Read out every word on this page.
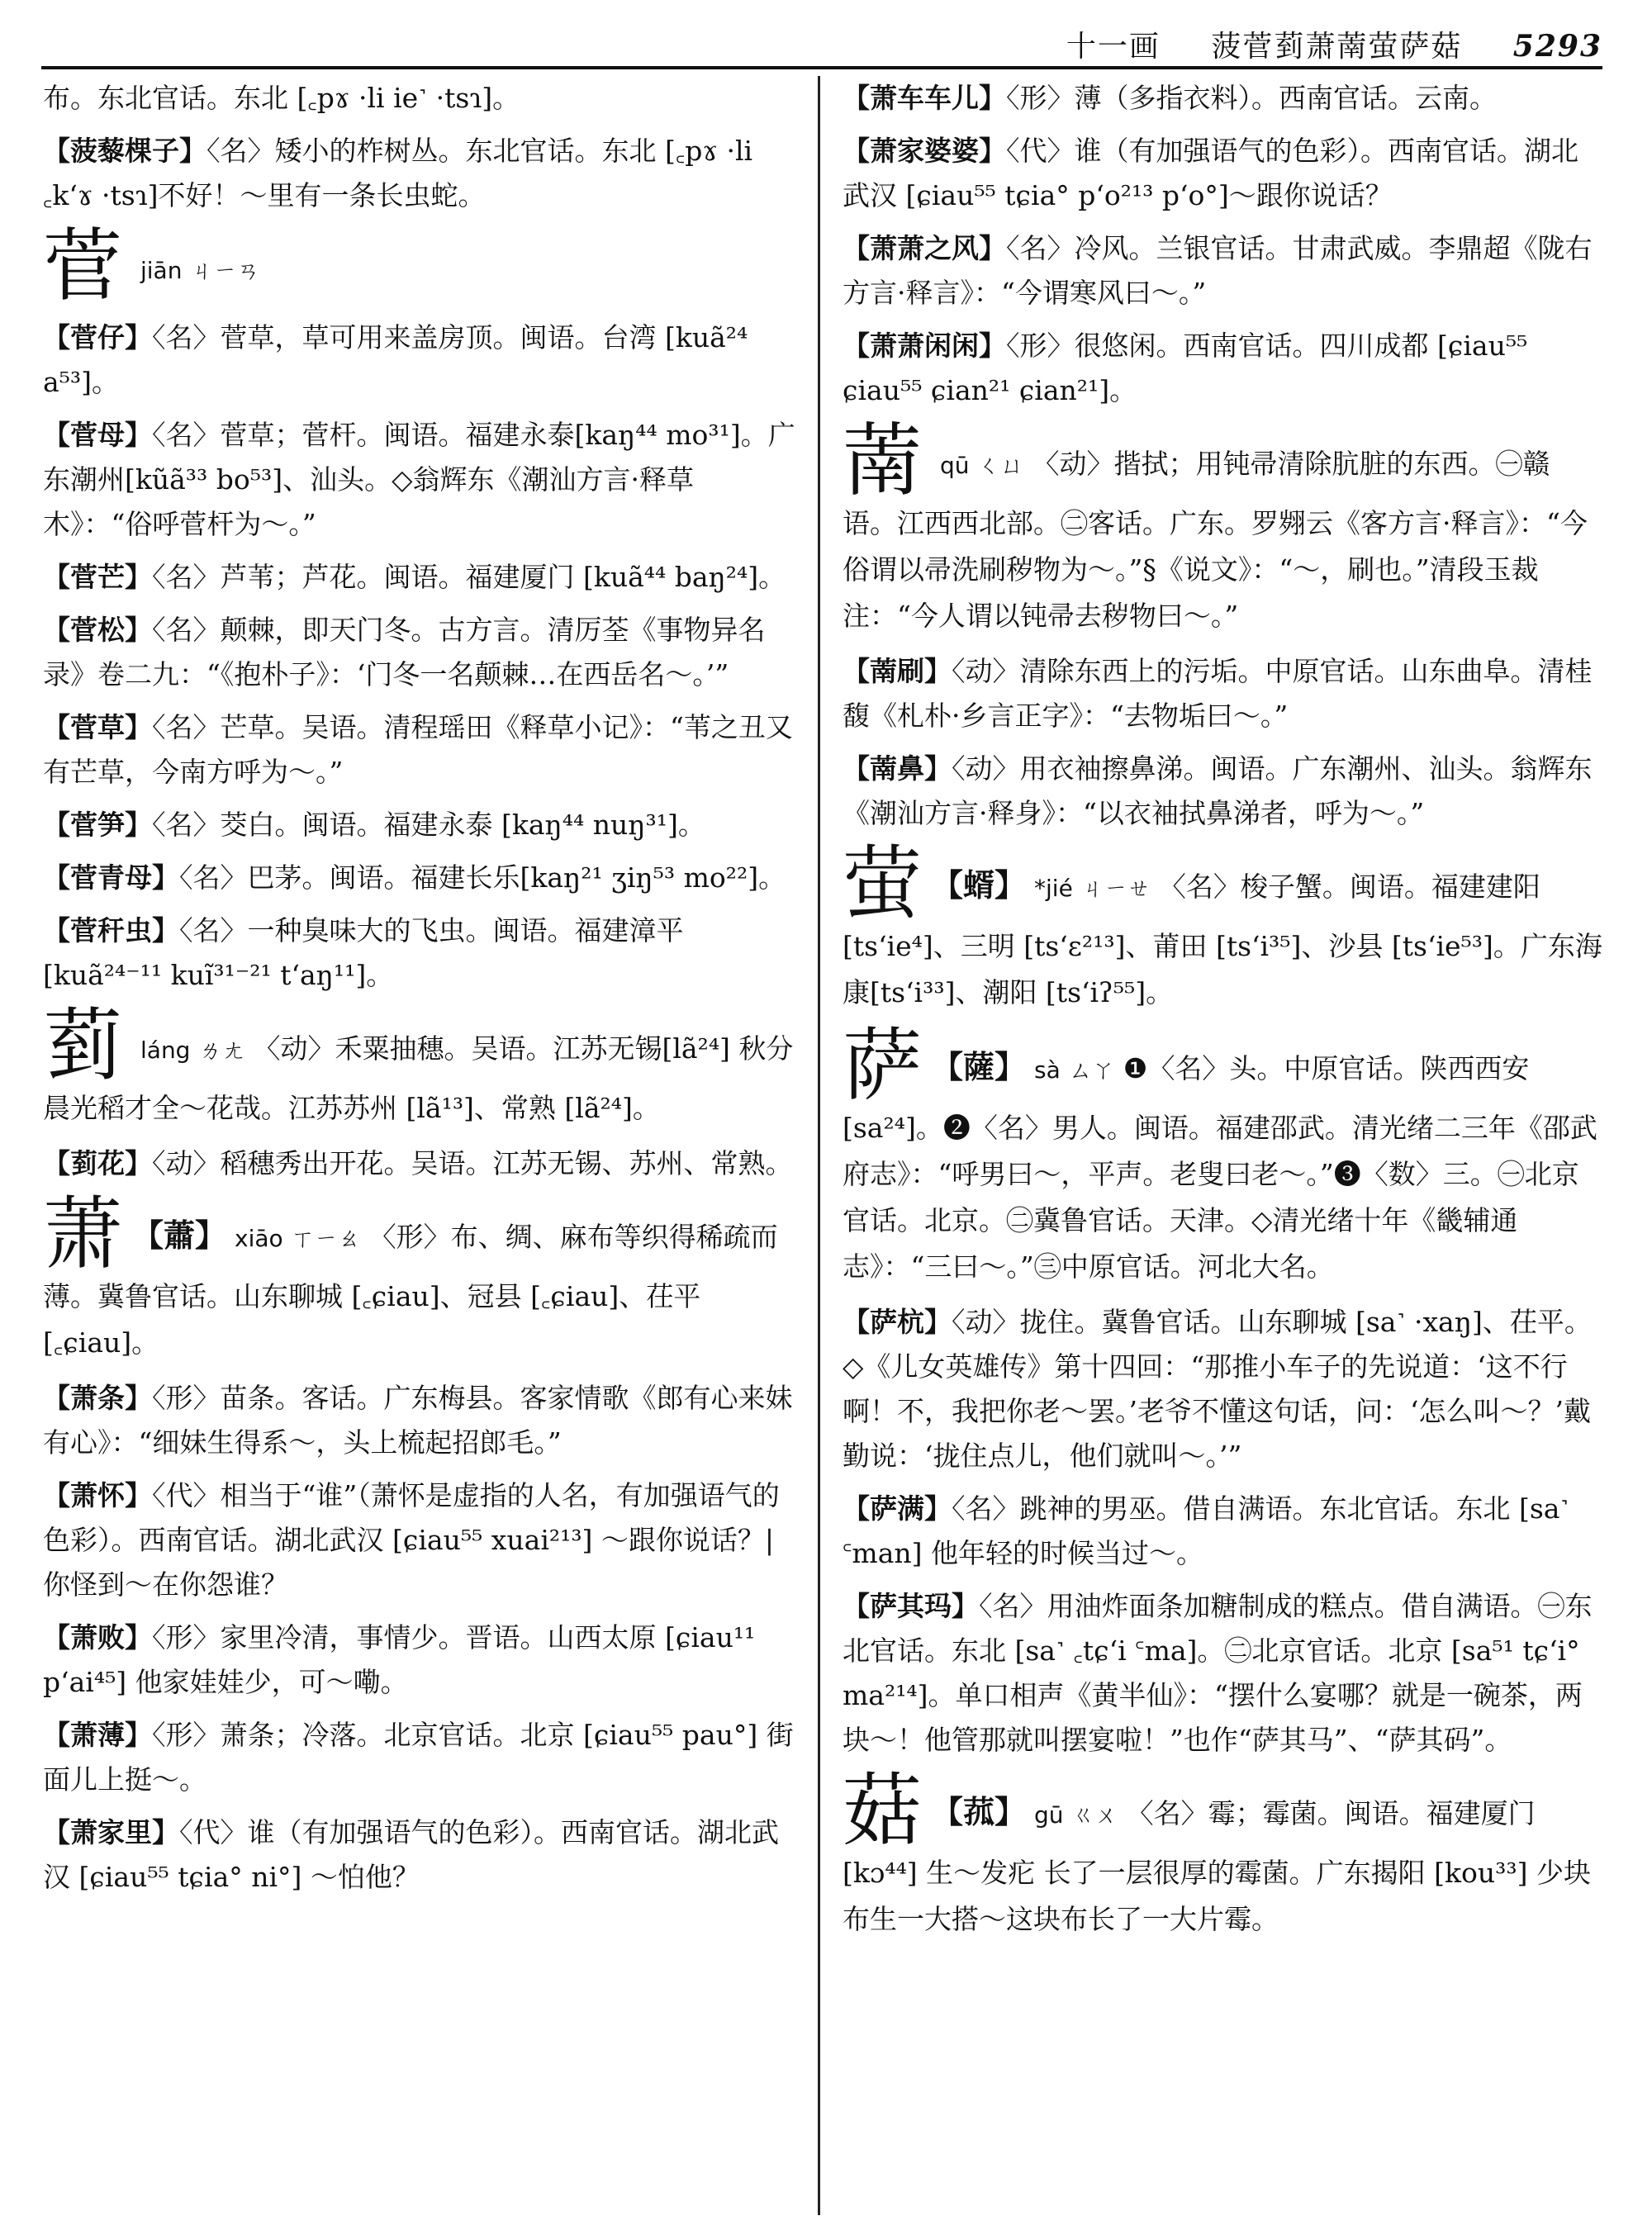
十一画 菠菅菿萧萳萤萨菇 5293
布。东北官话。东北 [꜀pɤ ·li ie˺ ·tsɿ]。
【菠藜棵子】〈名〉矮小的柞树丛。东北官话。东北 [꜀pɤ ·li ꜀k‘ɤ ·tsɿ]不好！～里有一条长虫蛇。
菅jiān ㄐㄧㄢ
【菅仔】〈名〉菅草，草可用来盖房顶。闽语。台湾 [kuã²⁴ a⁵³]。
【菅母】〈名〉菅草；菅杆。闽语。福建永泰[kaŋ⁴⁴ mo³¹]。广东潮州[kũã³³ bo⁵³]、汕头。◇翁辉东《潮汕方言·释草木》：“俗呼菅杆为～。”
【菅芒】〈名〉芦苇；芦花。闽语。福建厦门 [kuã⁴⁴ baŋ²⁴]。
【菅松】〈名〉颠棘，即天门冬。古方言。清厉荃《事物异名录》卷二九：“《抱朴子》：‘门冬一名颠棘…在西岳名～。’”
【菅草】〈名〉芒草。吴语。清程瑶田《释草小记》：“苇之丑又有芒草，今南方呼为～。”
【菅笋】〈名〉茭白。闽语。福建永泰 [kaŋ⁴⁴ nuŋ³¹]。
【菅青母】〈名〉巴茅。闽语。福建长乐[kaŋ²¹ ʒiŋ⁵³ mo²²]。
【菅秆虫】〈名〉一种臭味大的飞虫。闽语。福建漳平 [kuã²⁴⁻¹¹ kuĩ³¹⁻²¹ t‘aŋ¹¹]。
菿láng ㄌㄤ 〈动〉禾粟抽穗。吴语。江苏无锡[lã²⁴] 秋分晨光稻才全～花哉。江苏苏州 [lã¹³]、常熟 [lã²⁴]。
【菿花】〈动〉稻穗秀出开花。吴语。江苏无锡、苏州、常熟。
萧 【蕭】 xiāo ㄒㄧㄠ 〈形〉布、绸、麻布等织得稀疏而薄。冀鲁官话。山东聊城 [꜀ɕiau]、冠县 [꜀ɕiau]、茌平 [꜀ɕiau]。
【萧条】〈形〉苗条。客话。广东梅县。客家情歌《郎有心来妹有心》：“细妹生得系～，头上梳起招郎毛。”
【萧怀】〈代〉相当于“谁”（萧怀是虚指的人名，有加强语气的色彩）。西南官话。湖北武汉 [ɕiau⁵⁵ xuai²¹³] ～跟你说话？| 你怪到～在你怨谁？
【萧败】〈形〉家里冷清，事情少。晋语。山西太原 [ɕiau¹¹ p‘ai⁴⁵] 他家娃娃少，可～嘞。
【萧薄】〈形〉萧条；冷落。北京官话。北京 [ɕiau⁵⁵ pau°] 街面儿上挺～。
【萧家里】〈代〉谁（有加强语气的色彩）。西南官话。湖北武汉 [ɕiau⁵⁵ tɕia° ni°] ～怕他？
【萧车车儿】〈形〉薄（多指衣料）。西南官话。云南。
【萧家婆婆】〈代〉谁（有加强语气的色彩）。西南官话。湖北武汉 [ɕiau⁵⁵ tɕia° p‘o²¹³ p‘o°]～跟你说话？
【萧萧之风】〈名〉冷风。兰银官话。甘肃武威。李鼎超《陇右方言·释言》：“今谓寒风曰～。”
【萧萧闲闲】〈形〉很悠闲。西南官话。四川成都 [ɕiau⁵⁵ ɕiau⁵⁵ ɕian²¹ ɕian²¹]。
萳qū ㄑㄩ 〈动〉揩拭；用钝帚清除肮脏的东西。㊀赣语。江西西北部。㊁客话。广东。罗翙云《客方言·释言》：“今俗谓以帚洗刷秽物为～。”§《说文》：“～，刷也。”清段玉裁注：“今人谓以钝帚去秽物曰～。”
【萳刷】〈动〉清除东西上的污垢。中原官话。山东曲阜。清桂馥《札朴·乡言正字》：“去物垢曰～。”
【萳鼻】〈动〉用衣袖擦鼻涕。闽语。广东潮州、汕头。翁辉东《潮汕方言·释身》：“以衣袖拭鼻涕者，呼为～。”
萤 【蝑】 *jié ㄐㄧㄝ 〈名〉梭子蟹。闽语。福建建阳 [ts‘ie⁴]、三明 [ts‘ɛ²¹³]、莆田 [ts‘i³⁵]、沙县 [ts‘ie⁵³]。广东海康[ts‘i³³]、潮阳 [ts‘iʔ⁵⁵]。
萨 【薩】 sà ㄙㄚ ❶〈名〉头。中原官话。陕西西安 [sa²⁴]。❷〈名〉男人。闽语。福建邵武。清光绪二三年《邵武府志》：“呼男曰～，平声。老叟曰老～。”❸〈数〉三。㊀北京官话。北京。㊁冀鲁官话。天津。◇清光绪十年《畿辅通志》：“三曰～。”㊂中原官话。河北大名。
【萨杭】〈动〉拢住。冀鲁官话。山东聊城 [sa˺ ·xaŋ]、茌平。◇《儿女英雄传》第十四回：“那推小车子的先说道：‘这不行啊！不，我把你老～罢。’老爷不懂这句话，问：‘怎么叫～？’戴勤说：‘拢住点儿，他们就叫～。’”
【萨满】〈名〉跳神的男巫。借自满语。东北官话。东北 [sa˺ ꜂man] 他年轻的时候当过～。
【萨其玛】〈名〉用油炸面条加糖制成的糕点。借自满语。㊀东北官话。东北 [sa˺ ꜀tɕ‘i ꜂ma]。㊁北京官话。北京 [sa⁵¹ tɕ‘i° ma²¹⁴]。单口相声《黄半仙》：“摆什么宴哪？就是一碗茶，两块～！他管那就叫摆宴啦！”也作“萨其马”、“萨其码”。
菇 【菰】 gū ㄍㄨ 〈名〉霉；霉菌。闽语。福建厦门[kɔ⁴⁴] 生～发疕 长了一层很厚的霉菌。广东揭阳 [kou³³] 少块布生一大搭～这块布长了一大片霉。
